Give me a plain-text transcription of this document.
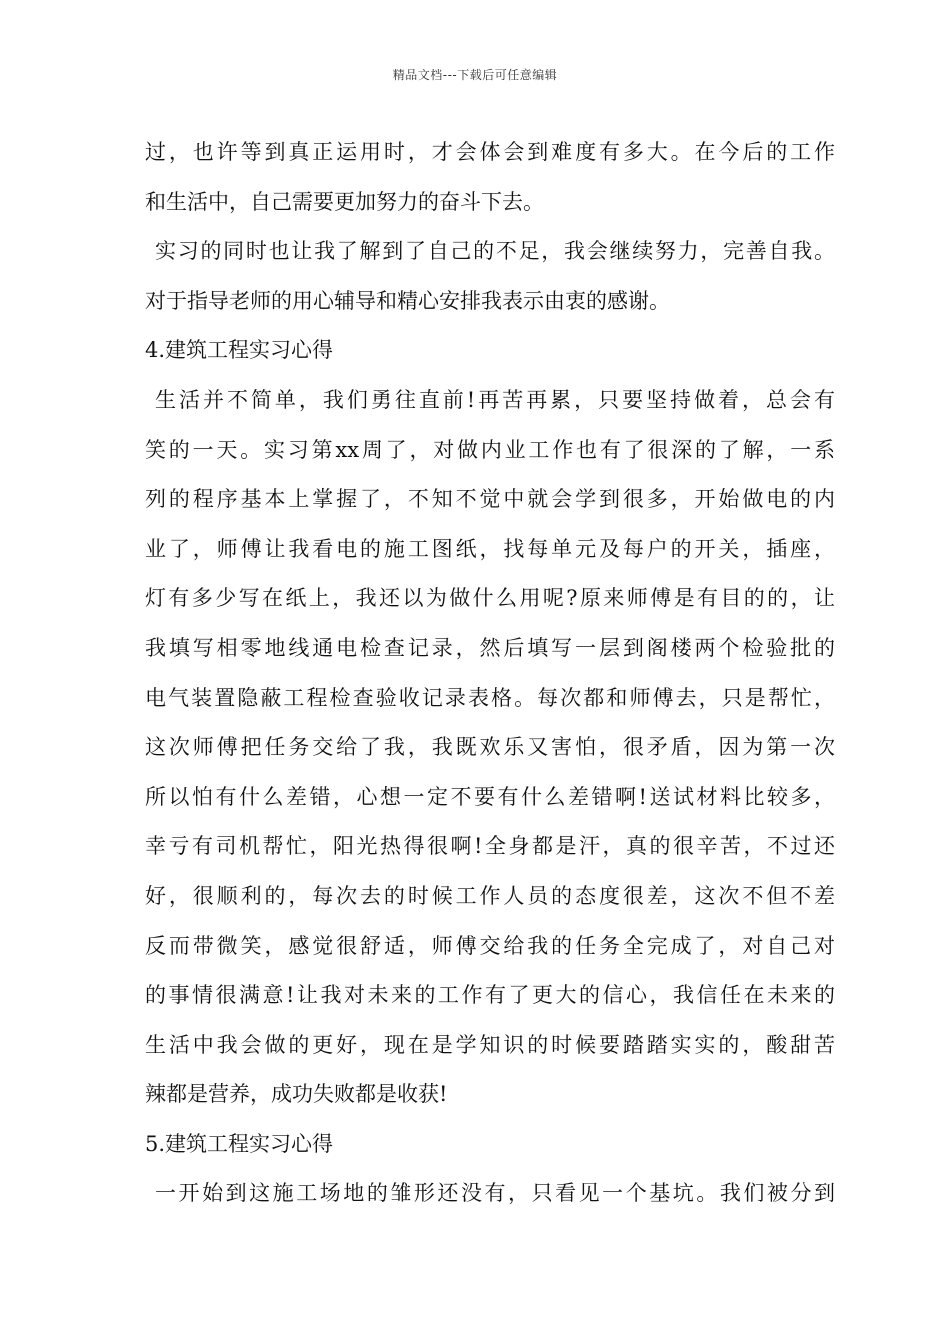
精品文档---下载后可任意编辑
过，也许等到真正运用时，才会体会到难度有多大。在今后的工作
和生活中，自己需要更加努力的奋斗下去。
实习的同时也让我了解到了自己的不足，我会继续努力，完善自我。
对于指导老师的用心辅导和精心安排我表示由衷的感谢。
4.建筑工程实习心得
生活并不简单，我们勇往直前!再苦再累，只要坚持做着，总会有
笑的一天。实习第xx周了，对做内业工作也有了很深的了解，一系
列的程序基本上掌握了，不知不觉中就会学到很多，开始做电的内
业了，师傅让我看电的施工图纸，找每单元及每户的开关，插座，
灯有多少写在纸上，我还以为做什么用呢?原来师傅是有目的的，让
我填写相零地线通电检查记录，然后填写一层到阁楼两个检验批的
电气装置隐蔽工程检查验收记录表格。每次都和师傅去，只是帮忙，
这次师傅把任务交给了我，我既欢乐又害怕，很矛盾，因为第一次
所以怕有什么差错，心想一定不要有什么差错啊!送试材料比较多，
幸亏有司机帮忙，阳光热得很啊!全身都是汗，真的很辛苦，不过还
好，很顺利的，每次去的时候工作人员的态度很差，这次不但不差
反而带微笑，感觉很舒适，师傅交给我的任务全完成了，对自己对
的事情很满意!让我对未来的工作有了更大的信心，我信任在未来的
生活中我会做的更好，现在是学知识的时候要踏踏实实的，酸甜苦
辣都是营养，成功失败都是收获!
5.建筑工程实习心得
一开始到这施工场地的雏形还没有，只看见一个基坑。我们被分到
